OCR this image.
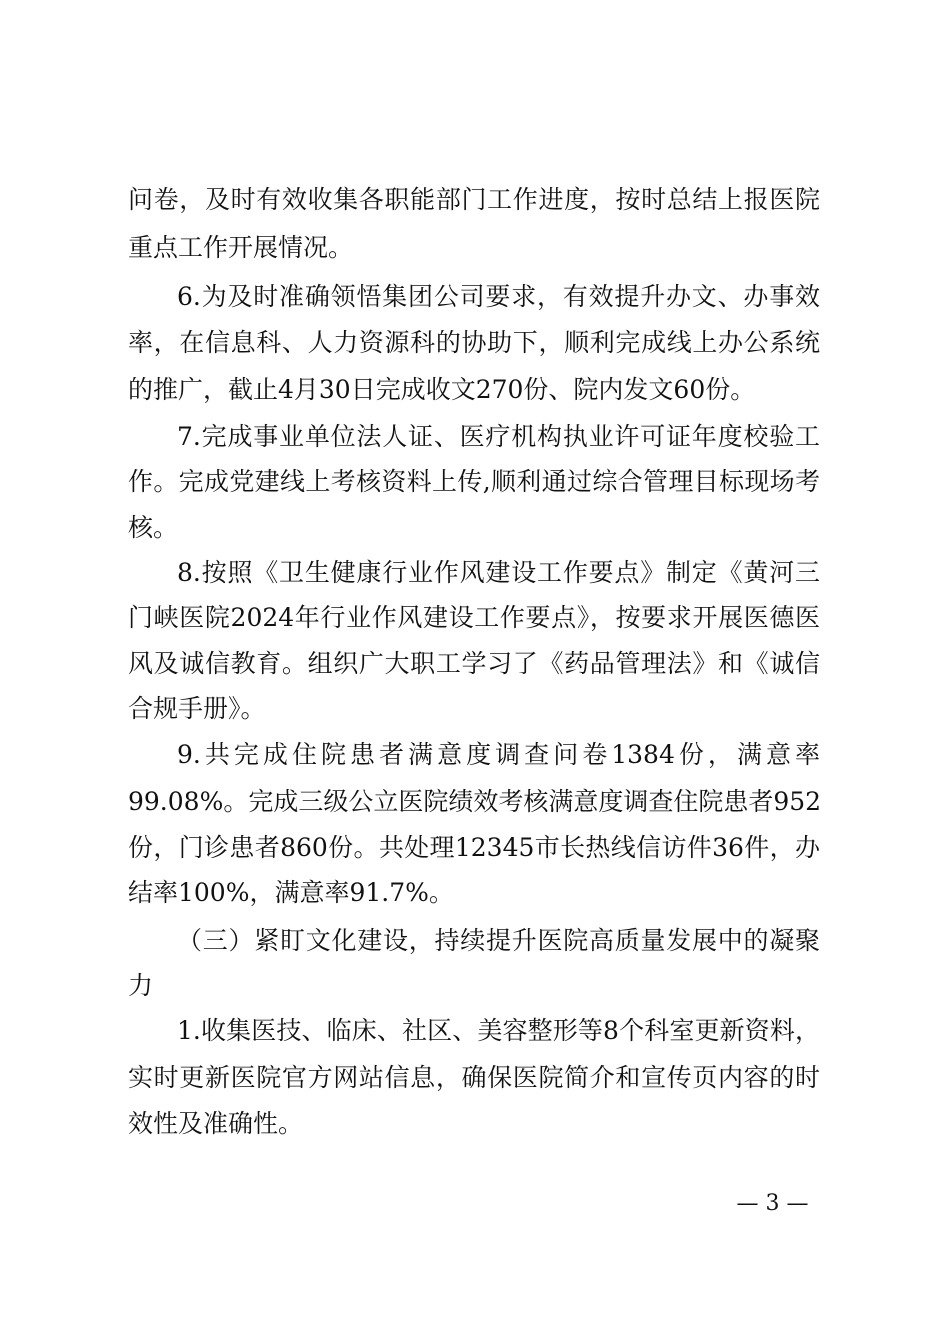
问卷，及时有效收集各职能部门工作进度，按时总结上报医院
重点工作开展情况。
6.为及时准确领悟集团公司要求，有效提升办文、办事效
率，在信息科、人力资源科的协助下，顺利完成线上办公系统
的推广，截止4月30日完成收文270份、院内发文60份。
7.完成事业单位法人证、医疗机构执业许可证年度校验工
作。完成党建线上考核资料上传,顺利通过综合管理目标现场考
核。
8.按照《卫生健康行业作风建设工作要点》制定《黄河三
门峡医院2024年行业作风建设工作要点》，按要求开展医德医
风及诚信教育。组织广大职工学习了《药品管理法》和《诚信
合规手册》。
9.共完成住院患者满意度调查问卷1384份，满意率
99.08%。完成三级公立医院绩效考核满意度调查住院患者952
份，门诊患者860份。共处理12345市长热线信访件36件，办
结率100%，满意率91.7%。
（三）紧盯文化建设，持续提升医院高质量发展中的凝聚
力
1.收集医技、临床、社区、美容整形等8个科室更新资料，
实时更新医院官方网站信息，确保医院简介和宣传页内容的时
效性及准确性。
— 3 —
